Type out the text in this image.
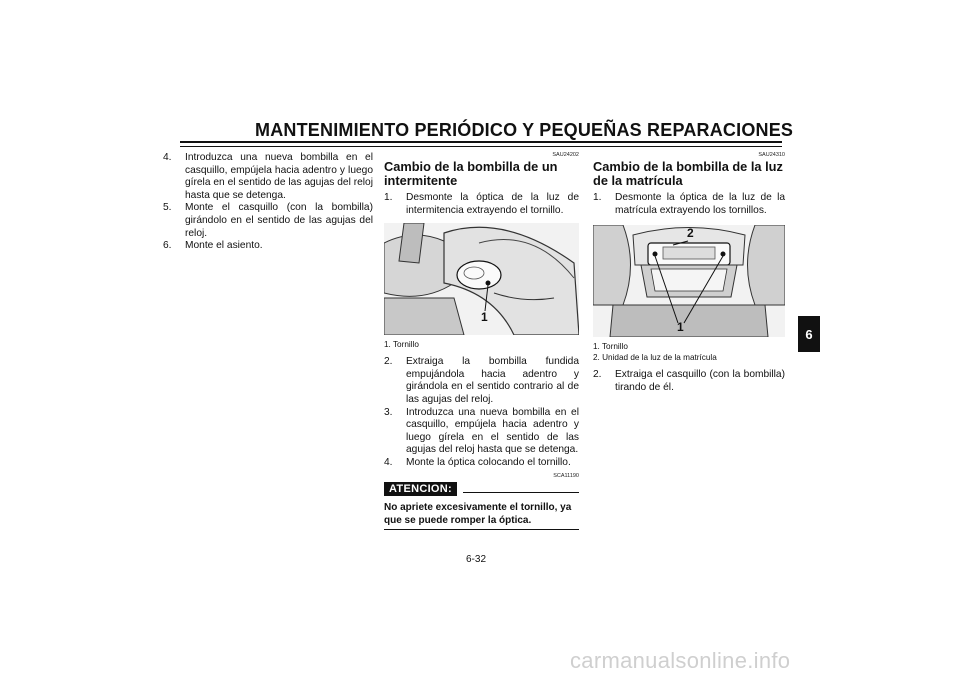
MANTENIMIENTO PERIÓDICO Y PEQUEÑAS REPARACIONES
6
4. Introduzca una nueva bombilla en el casquillo, empújela hacia adentro y luego gírela en el sentido de las agujas del reloj hasta que se detenga.
5. Monte el casquillo (con la bombilla) girándolo en el sentido de las agujas del reloj.
6. Monte el asiento.
SAU24202
Cambio de la bombilla de un intermitente
1. Desmonte la óptica de la luz de intermitencia extrayendo el tornillo.
1
1. Tornillo
2. Extraiga la bombilla fundida empujándola hacia adentro y girándola en el sentido contrario al de las agujas del reloj.
3. Introduzca una nueva bombilla en el casquillo, empújela hacia adentro y luego gírela en el sentido de las agujas del reloj hasta que se detenga.
4. Monte la óptica colocando el tornillo.
SCA11190
ATENCION:
No apriete excesivamente el tornillo, ya que se puede romper la óptica.
SAU24310
Cambio de la bombilla de la luz de la matrícula
1. Desmonte la óptica de la luz de la matrícula extrayendo los tornillos.
2
1
1. Tornillo
2. Unidad de la luz de la matrícula
2. Extraiga el casquillo (con la bombilla) tirando de él.
6-32
carmanualsonline.info
